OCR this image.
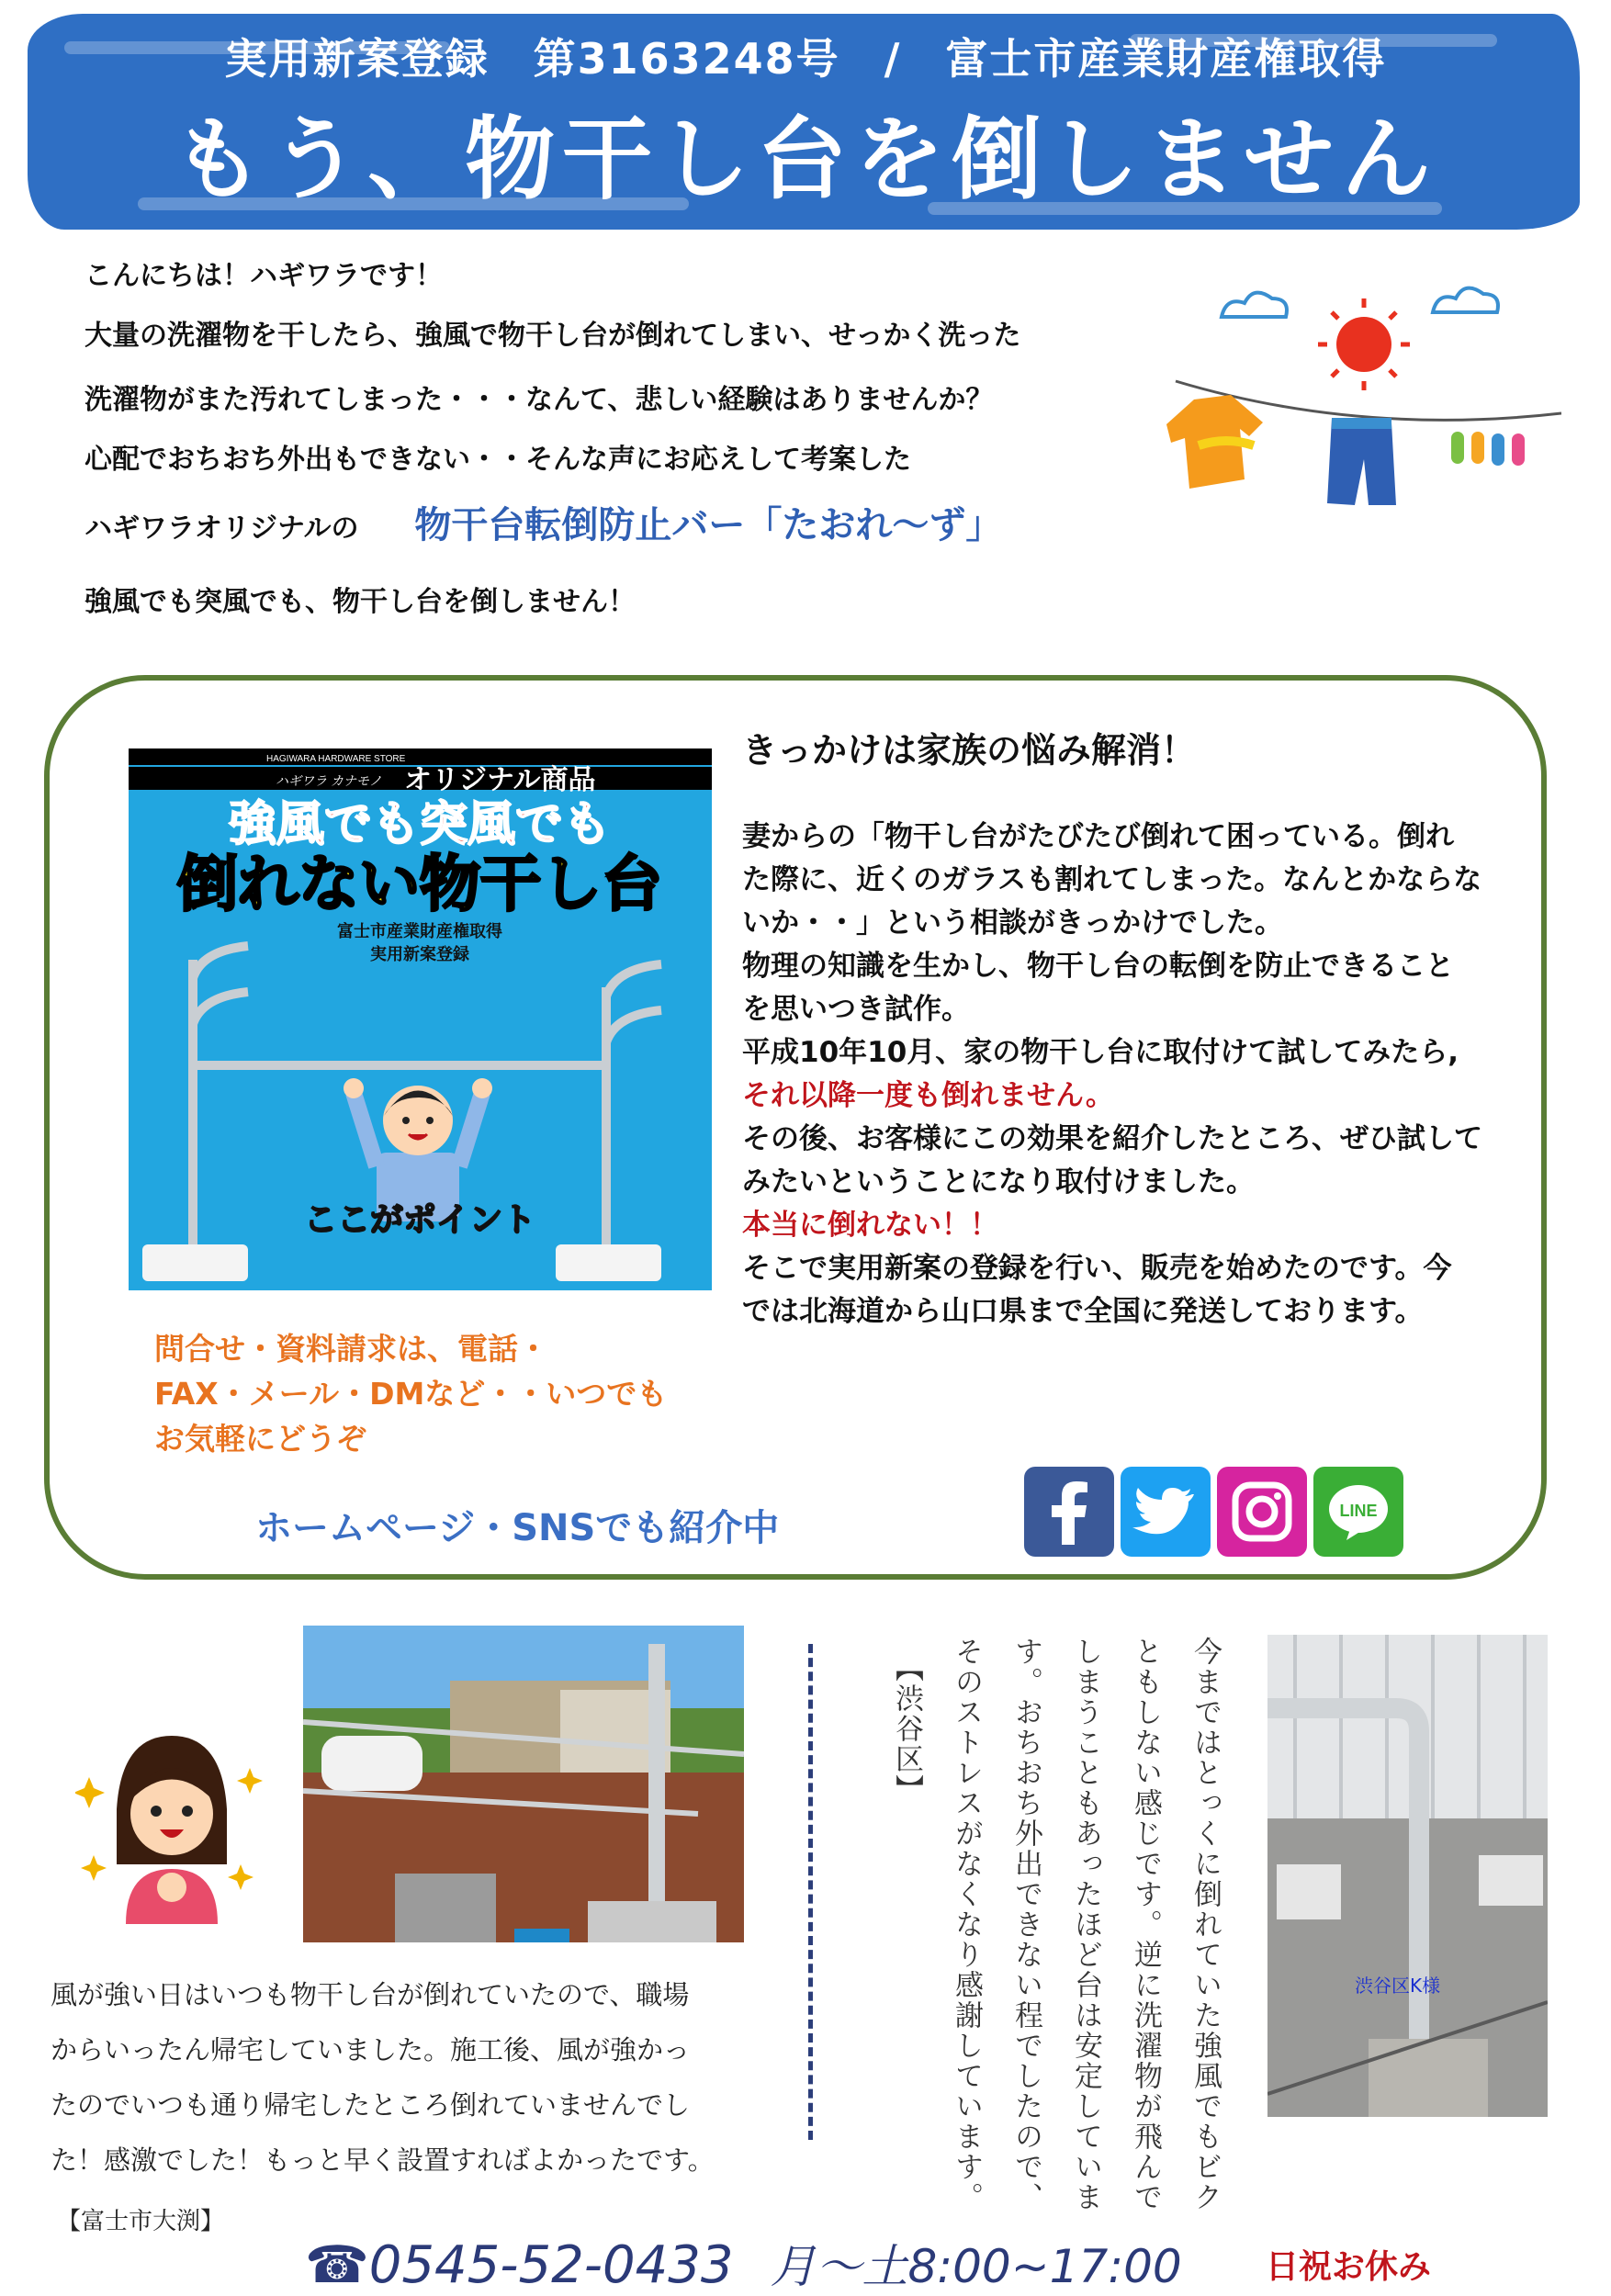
実用新案登録　第3163248号　/　富士市産業財産権取得
もう、物干し台を倒しません

こんにちは！ハギワラです！

大量の洗濯物を干したら、強風で物干し台が倒れてしまい、せっかく洗った

洗濯物がまた汚れてしまった・・・なんて、悲しい経験はありませんか？

心配でおちおち外出もできない・・そんな声にお応えして考案した

ハギワラオリジナルの 物干台転倒防止バー「たおれ〜ず」

強風でも突風でも、物干し台を倒しません！

HAGIWARA HARDWARE STORE
ハギワラ カナモノ オリジナル商品
強風でも突風でも
倒れない物干し台
富士市産業財産権取得
実用新案登録
ここがポイント

きっかけは家族の悩み解消！

妻からの「物干し台がたびたび倒れて困っている。倒れ

た際に、近くのガラスも割れてしまった。なんとかならな

いか・・」という相談がきっかけでした。

物理の知識を生かし、物干し台の転倒を防止できること

を思いつき試作。

平成10年10月、家の物干し台に取付けて試してみたら,

それ以降一度も倒れません。

その後、お客様にこの効果を紹介したところ、ぜひ試して

みたいということになり取付けました。

本当に倒れない！！

そこで実用新案の登録を行い、販売を始めたのです。今

では北海道から山口県まで全国に発送しております。

問合せ・資料請求は、電話・

FAX・メール・DMなど・・いつでも

お気軽にどうぞ

ホームページ・SNSでも紹介中	LINE

風が強い日はいつも物干し台が倒れていたので、職場

からいったん帰宅していました。施工後、風が強かっ

たのでいつも通り帰宅したところ倒れていませんでし

た！感激でした！もっと早く設置すればよかったです。

【富士市大渕】

今まではとっくに倒れていた強風でもビク
ともしない感じです。逆に洗濯物が飛んで
しまうこともあったほど台は安定していま
す。おちおち外出できない程でしたので、
そのストレスがなくなり感謝しています。
【渋谷区】

渋谷区K様

☎0545-52-0433 月～土8:00~17:00	日祝お休み
